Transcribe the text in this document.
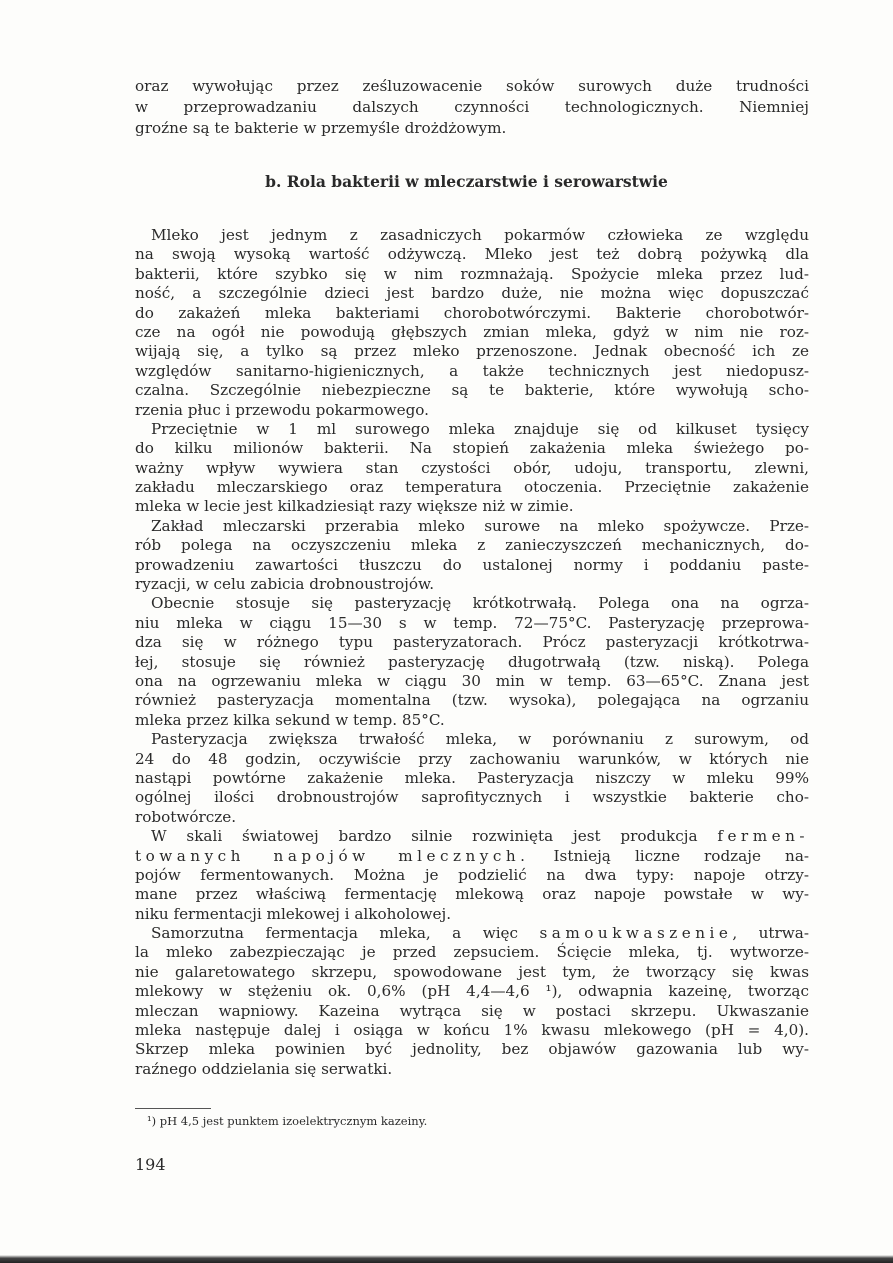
oraz wywołując przez ześluzowacenie soków surowych duże trudności
w przeprowadzaniu dalszych czynności technologicznych. Niemniej
groźne są te bakterie w przemyśle drożdżowym.
b. Rola bakterii w mleczarstwie i serowarstwie
Mleko jest jednym z zasadniczych pokarmów człowieka ze względu
na swoją wysoką wartość odżywczą. Mleko jest też dobrą pożywką dla
bakterii, które szybko się w nim rozmnażają. Spożycie mleka przez lud-
ność, a szczególnie dzieci jest bardzo duże, nie można więc dopuszczać
do zakażeń mleka bakteriami chorobotwórczymi. Bakterie chorobotwór-
cze na ogół nie powodują głębszych zmian mleka, gdyż w nim nie roz-
wijają się, a tylko są przez mleko przenoszone. Jednak obecność ich ze
względów sanitarno-higienicznych, a także technicznych jest niedopusz-
czalna. Szczególnie niebezpieczne są te bakterie, które wywołują scho-
rzenia płuc i przewodu pokarmowego.
Przeciętnie w 1 ml surowego mleka znajduje się od kilkuset tysięcy
do kilku milionów bakterii. Na stopień zakażenia mleka świeżego po-
ważny wpływ wywiera stan czystości obór, udoju, transportu, zlewni,
zakładu mleczarskiego oraz temperatura otoczenia. Przeciętnie zakażenie
mleka w lecie jest kilkadziesiąt razy większe niż w zimie.
Zakład mleczarski przerabia mleko surowe na mleko spożywcze. Prze-
rób polega na oczyszczeniu mleka z zanieczyszczeń mechanicznych, do-
prowadzeniu zawartości tłuszczu do ustalonej normy i poddaniu paste-
ryzacji, w celu zabicia drobnoustrojów.
Obecnie stosuje się pasteryzację krótkotrwałą. Polega ona na ogrza-
niu mleka w ciągu 15—30 s w temp. 72—75°C. Pasteryzację przeprowa-
dza się w różnego typu pasteryzatorach. Prócz pasteryzacji krótkotrwa-
łej, stosuje się również pasteryzację długotrwałą (tzw. niską). Polega
ona na ogrzewaniu mleka w ciągu 30 min w temp. 63—65°C. Znana jest
również pasteryzacja momentalna (tzw. wysoka), polegająca na ogrzaniu
mleka przez kilka sekund w temp. 85°C.
Pasteryzacja zwiększa trwałość mleka, w porównaniu z surowym, od
24 do 48 godzin, oczywiście przy zachowaniu warunków, w których nie
nastąpi powtórne zakażenie mleka. Pasteryzacja niszczy w mleku 99%
ogólnej ilości drobnoustrojów saprofitycznych i wszystkie bakterie cho-
robotwórcze.
W skali światowej bardzo silnie rozwinięta jest produkcja fermen-
towanych napojów mlecznych. Istnieją liczne rodzaje na-
pojów fermentowanych. Można je podzielić na dwa typy: napoje otrzy-
mane przez właściwą fermentację mlekową oraz napoje powstałe w wy-
niku fermentacji mlekowej i alkoholowej.
Samorzutna fermentacja mleka, a więc samoukwaszenie, utrwa-
la mleko zabezpieczając je przed zepsuciem. Ścięcie mleka, tj. wytworze-
nie galaretowatego skrzepu, spowodowane jest tym, że tworzący się kwas
mlekowy w stężeniu ok. 0,6% (pH 4,4—4,6 ¹), odwapnia kazeinę, tworząc
mleczan wapniowy. Kazeina wytrąca się w postaci skrzepu. Ukwaszanie
mleka następuje dalej i osiąga w końcu 1% kwasu mlekowego (pH = 4,0).
Skrzep mleka powinien być jednolity, bez objawów gazowania lub wy-
raźnego oddzielania się serwatki.
¹) pH 4,5 jest punktem izoelektrycznym kazeiny.
194
